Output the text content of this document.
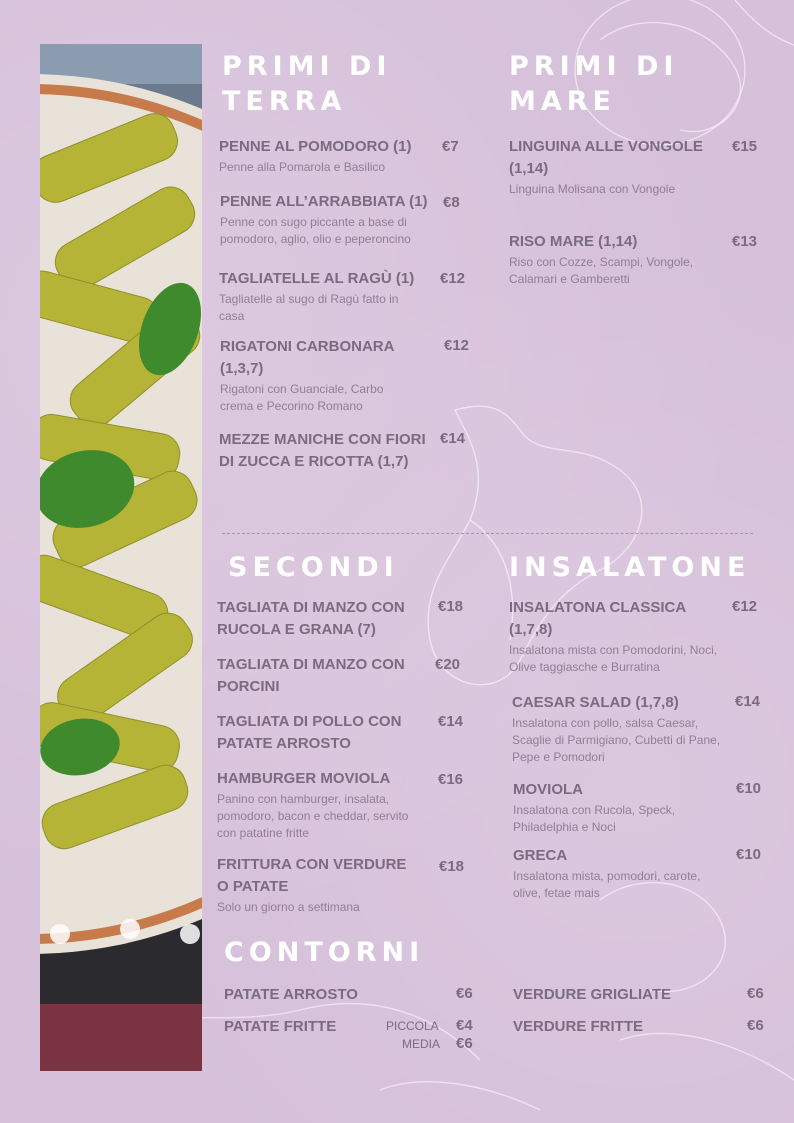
PRIMI DI
TERRA
PENNE AL POMODORO (1)
Penne alla Pomarola e Basilico
€7
PENNE ALL’ARRABBIATA (1)
Penne con sugo piccante a base di pomodoro, aglio, olio e peperoncino
€8
TAGLIATELLE AL RAGÙ (1)
Tagliatelle al sugo di Ragù fatto in casa
€12
RIGATONI CARBONARA (1,3,7)
Rigatoni con Guanciale, Carbo crema e Pecorino Romano
€12
MEZZE MANICHE CON FIORI DI ZUCCA E RICOTTA (1,7)
€14
PRIMI DI
MARE
LINGUINA ALLE VONGOLE (1,14)
Linguina Molisana con Vongole
€15
RISO MARE (1,14)
Riso con Cozze, Scampi, Vongole, Calamari e Gamberetti
€13
SECONDI
TAGLIATA DI MANZO CON RUCOLA E GRANA (7)
€18
TAGLIATA DI MANZO CON PORCINI
€20
TAGLIATA DI POLLO CON PATATE ARROSTO
€14
HAMBURGER MOVIOLA
Panino con hamburger, insalata, pomodoro, bacon e cheddar, servito con patatine fritte
€16
FRITTURA CON VERDURE O PATATE
Solo un giorno a settimana
€18
INSALATONE
INSALATONA CLASSICA (1,7,8)
Insalatona mista con Pomodorini, Noci, Olive taggiasche e Burratina
€12
CAESAR SALAD (1,7,8)
Insalatona con pollo, salsa Caesar, Scaglie di Parmigiano, Cubetti di Pane, Pepe e Pomodori
€14
MOVIOLA
Insalatona con Rucola, Speck, Philadelphia e Noci
€10
GRECA
Insalatona mista, pomodori, carote, olive, fetae mais
€10
CONTORNI
PATATE ARROSTO	€6
PATATE FRITTE	PICCOLA €4
MEDIA €6
VERDURE GRIGLIATE	€6
VERDURE FRITTE	€6
